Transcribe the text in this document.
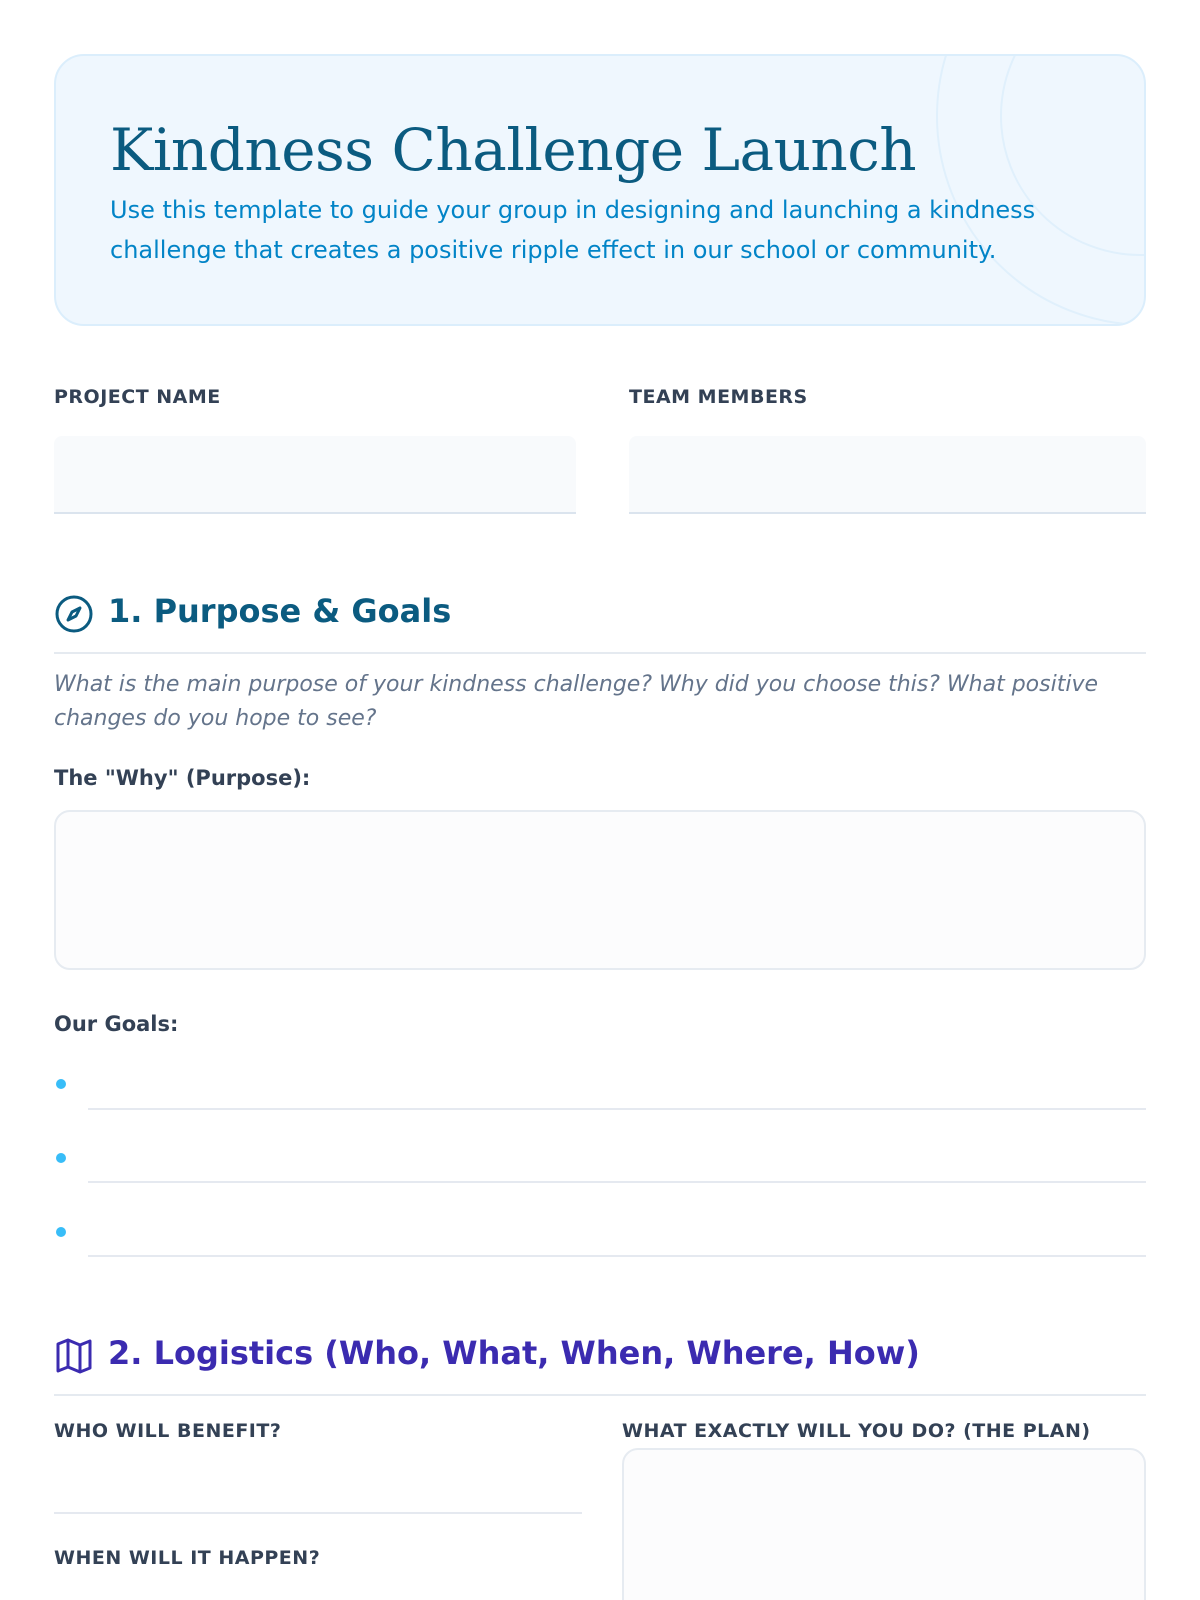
Kindness Challenge Launch

Use this template to guide your group in designing and launching a kindness challenge that creates a positive ripple effect in our school or community.

PROJECT NAME	TEAM MEMBERS
1. Purpose & Goals

What is the main purpose of your kindness challenge? Why did you choose this? What positive changes do you hope to see?

The "Why" (Purpose):
Our Goals:
2. Logistics (Who, What, When, Where, How)
WHO WILL BENEFIT?
WHEN WILL IT HAPPEN?
WHAT EXACTLY WILL YOU DO? (THE PLAN)
